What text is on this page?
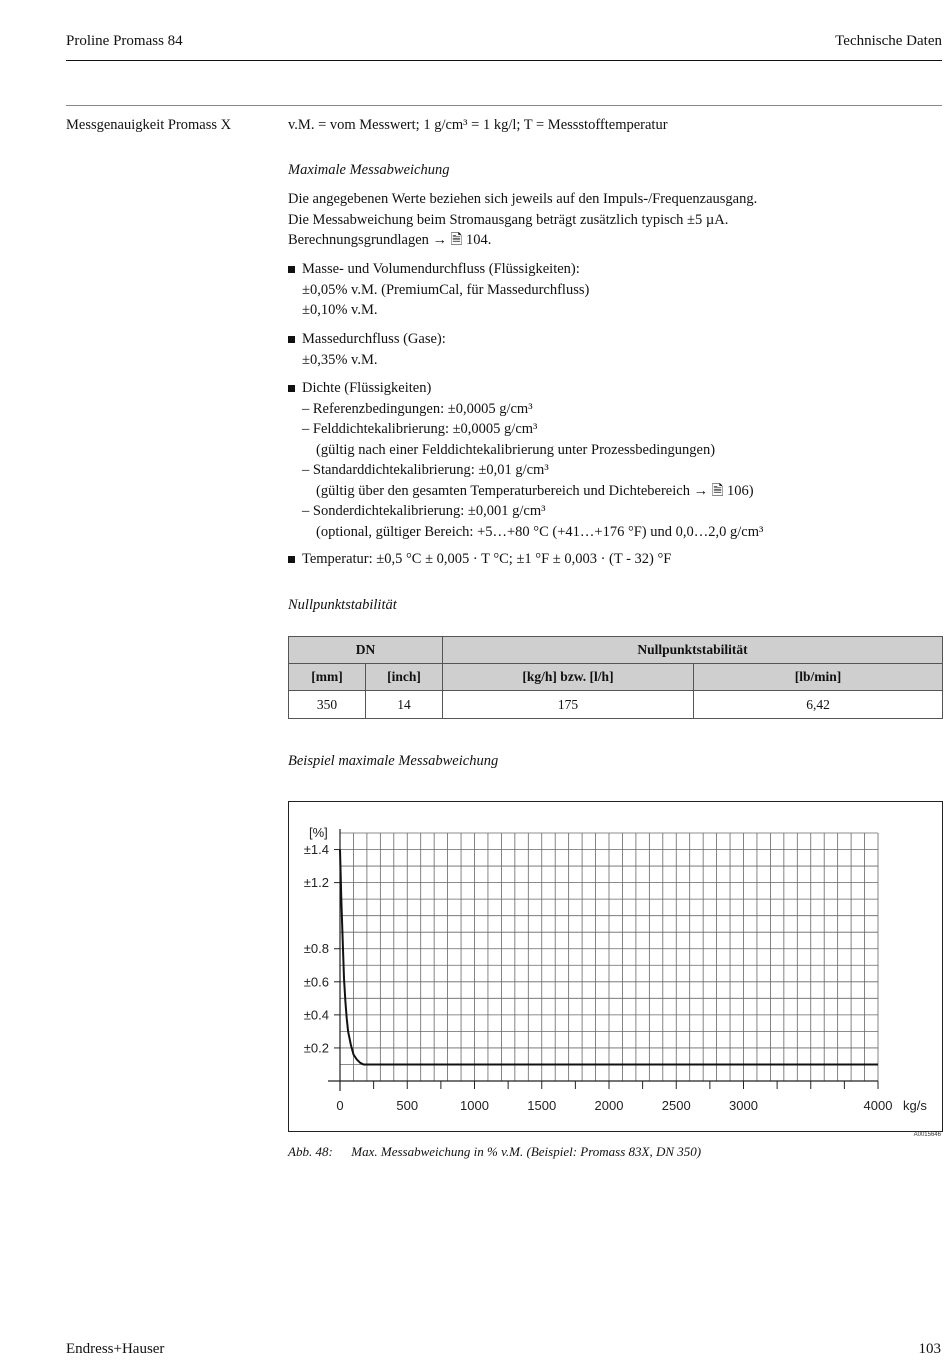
Proline Promass 84	Technische Daten
Messgenauigkeit Promass X	v.M. = vom Messwert; 1 g/cm³ = 1 kg/l; T = Messstofftemperatur
Maximale Messabweichung
Die angegebenen Werte beziehen sich jeweils auf den Impuls-/Frequenzausgang.
Die Messabweichung beim Stromausgang beträgt zusätzlich typisch ±5 µA.
Berechnungsgrundlagen → 🗎 104.
Masse- und Volumendurchfluss (Flüssigkeiten):
±0,05% v.M. (PremiumCal, für Massedurchfluss)
±0,10% v.M.
Massedurchfluss (Gase):
±0,35% v.M.
Dichte (Flüssigkeiten)
– Referenzbedingungen: ±0,0005 g/cm³
– Felddichtekalibrierung: ±0,0005 g/cm³
(gültig nach einer Felddichtekalibrierung unter Prozessbedingungen)
– Standarddichtekalibrierung: ±0,01 g/cm³
(gültig über den gesamten Temperaturbereich und Dichtebereich → 🗎 106)
– Sonderdichtekalibrierung: ±0,001 g/cm³
(optional, gültiger Bereich: +5…+80 °C (+41…+176 °F) und 0,0…2,0 g/cm³
Temperatur: ±0,5 °C ± 0,005 · T °C; ±1 °F ± 0,003 · (T - 32) °F
Nullpunktstabilität
DN		Nullpunktstabilität	
[mm]	[inch]	[kg/h] bzw. [l/h]	[lb/min]
350	14	175	6,42
Beispiel maximale Messabweichung
±1.4
±1.2
±0.8
±0.6
±0.4
±0.2
[%]
0	500	1000	1500	2000	2500	3000	4000 kg/s
A0015646
Abb. 48: Max. Messabweichung in % v.M. (Beispiel: Promass 83X, DN 350)
Endress+Hauser	103
